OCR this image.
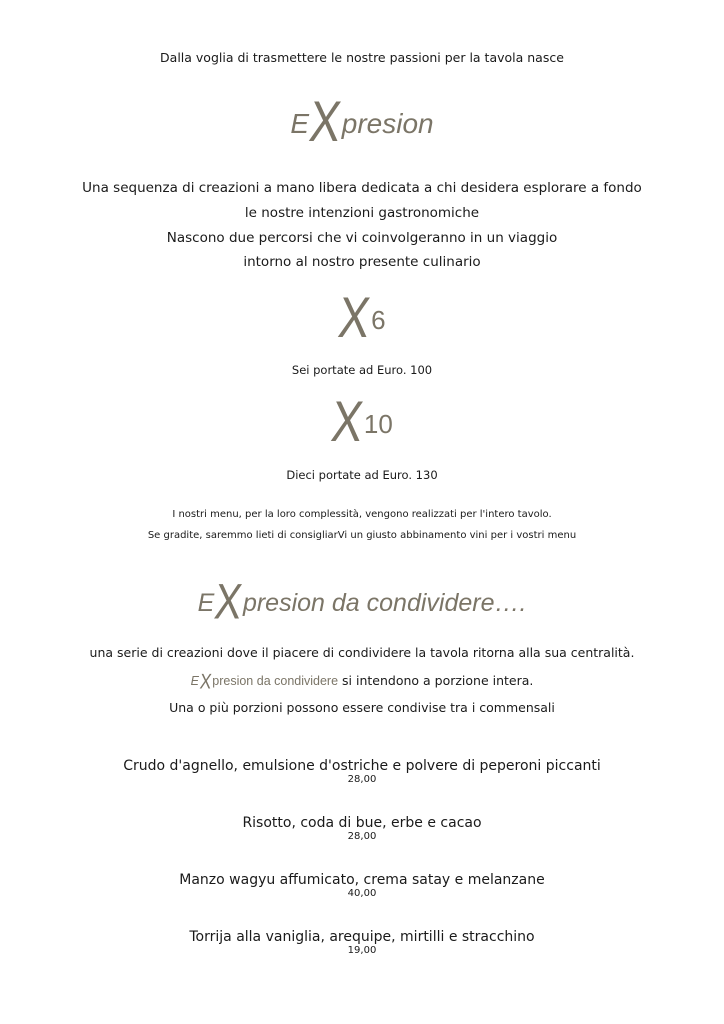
Dalla voglia di trasmettere le nostre passioni per la tavola nasce
EXpresion
Una sequenza di creazioni a mano libera dedicata a chi desidera esplorare a fondo
le nostre intenzioni gastronomiche
Nascono due percorsi che vi coinvolgeranno in un viaggio
intorno al nostro presente culinario
X6
Sei portate ad Euro. 100
X10
Dieci portate ad Euro. 130
I nostri menu, per la loro complessità, vengono realizzati per l'intero tavolo.
Se gradite, saremmo lieti di consigliarVi un giusto abbinamento vini per i vostri menu
EXpresion da condividere….
una serie di creazioni dove il piacere di condividere la tavola ritorna alla sua centralità.
EXpresion da condividere si intendono a porzione intera.
Una o più porzioni possono essere condivise tra i commensali
Crudo d'agnello, emulsione d'ostriche e polvere di peperoni piccanti
28,00
Risotto, coda di bue, erbe e cacao
28,00
Manzo wagyu affumicato, crema satay e melanzane
40,00
Torrija alla vaniglia, arequipe, mirtilli e stracchino
19,00
